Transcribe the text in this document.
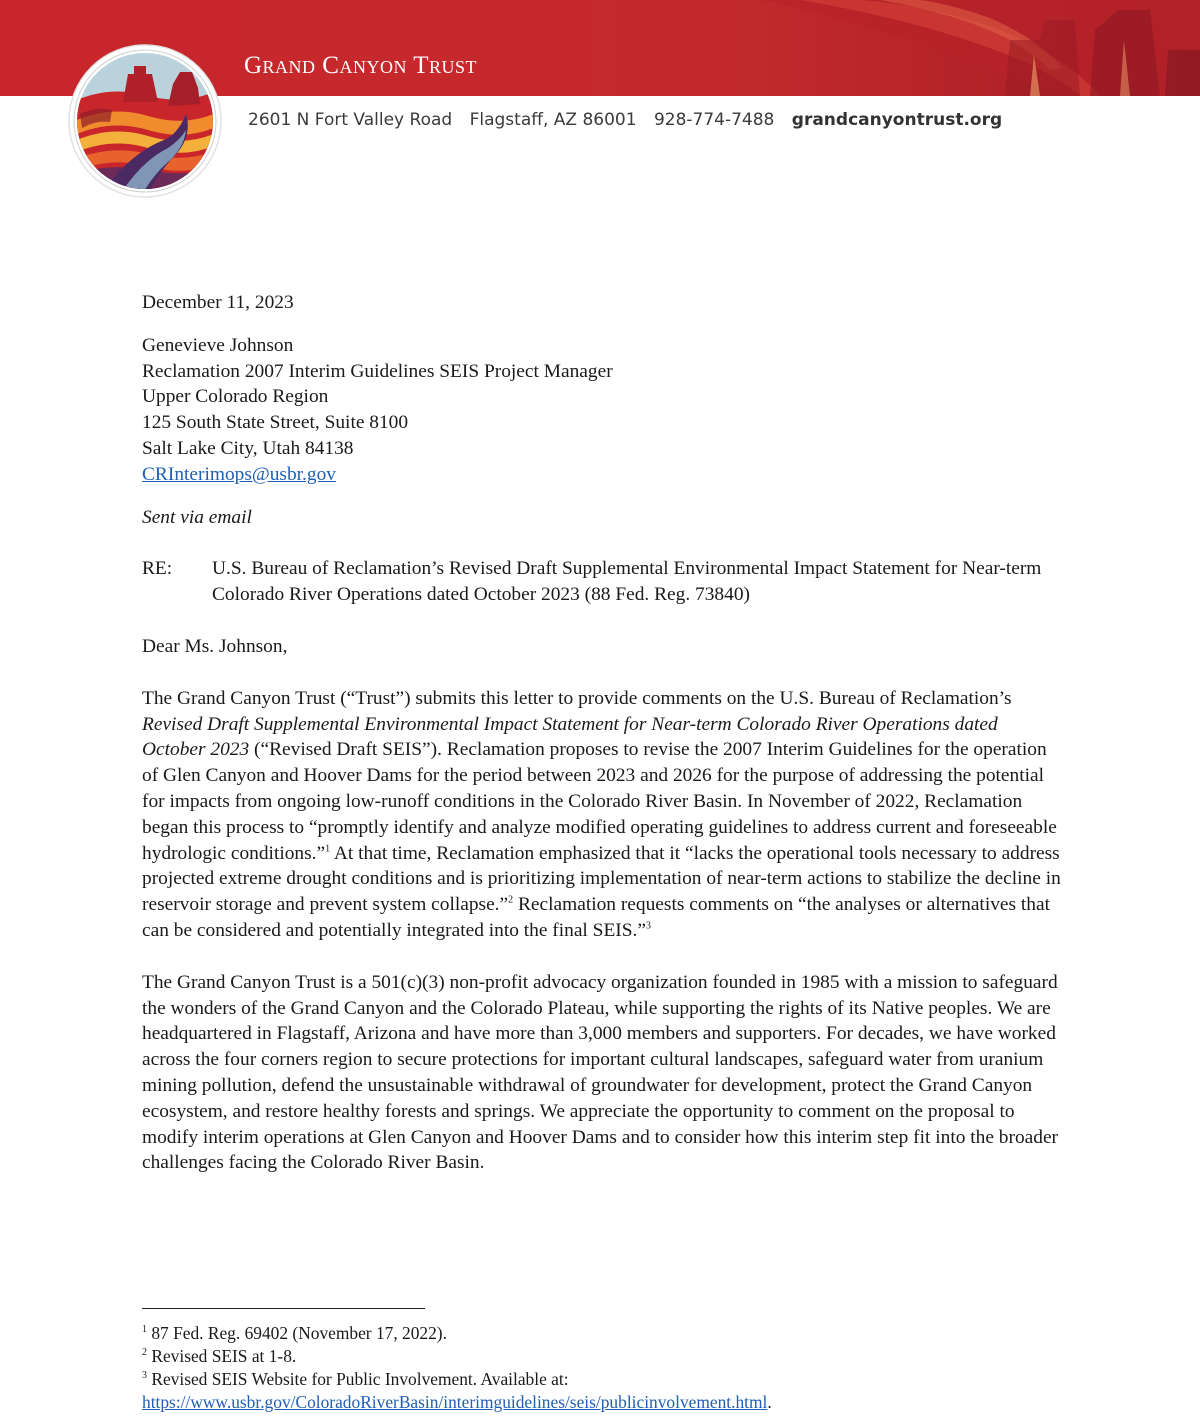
Grand Canyon Trust
2601 N Fort Valley Road Flagstaff, AZ 86001 928-774-7488 grandcanyontrust.org

December 11, 2023

Genevieve Johnson
Reclamation 2007 Interim Guidelines SEIS Project Manager
Upper Colorado Region
125 South State Street, Suite 8100
Salt Lake City, Utah 84138
CRInterimops@usbr.gov

Sent via email

RE:	U.S. Bureau of Reclamation’s Revised Draft Supplemental Environmental Impact Statement for Near-term Colorado River Operations dated October 2023 (88 Fed. Reg. 73840)

Dear Ms. Johnson,

The Grand Canyon Trust (“Trust”) submits this letter to provide comments on the U.S. Bureau of Reclamation’s Revised Draft Supplemental Environmental Impact Statement for Near-term Colorado River Operations dated October 2023 (“Revised Draft SEIS”). Reclamation proposes to revise the 2007 Interim Guidelines for the operation of Glen Canyon and Hoover Dams for the period between 2023 and 2026 for the purpose of addressing the potential for impacts from ongoing low-runoff conditions in the Colorado River Basin. In November of 2022, Reclamation began this process to “promptly identify and analyze modified operating guidelines to address current and foreseeable hydrologic conditions.”$^1$ At that time, Reclamation emphasized that it “lacks the operational tools necessary to address projected extreme drought conditions and is prioritizing implementation of near-term actions to stabilize the decline in reservoir storage and prevent system collapse.”$^2$ Reclamation requests comments on “the analyses or alternatives that can be considered and potentially integrated into the final SEIS.”$^3$

The Grand Canyon Trust is a 501(c)(3) non-profit advocacy organization founded in 1985 with a mission to safeguard the wonders of the Grand Canyon and the Colorado Plateau, while supporting the rights of its Native peoples. We are headquartered in Flagstaff, Arizona and have more than 3,000 members and supporters. For decades, we have worked across the four corners region to secure protections for important cultural landscapes, safeguard water from uranium mining pollution, defend the unsustainable withdrawal of groundwater for development, protect the Grand Canyon ecosystem, and restore healthy forests and springs. We appreciate the opportunity to comment on the proposal to modify interim operations at Glen Canyon and Hoover Dams and to consider how this interim step fit into the broader challenges facing the Colorado River Basin.

$^1$ 87 Fed. Reg. 69402 (November 17, 2022).
$^2$ Revised SEIS at 1-8.
$^3$ Revised SEIS Website for Public Involvement. Available at:
https://www.usbr.gov/ColoradoRiverBasin/interimguidelines/seis/publicinvolvement.html.
